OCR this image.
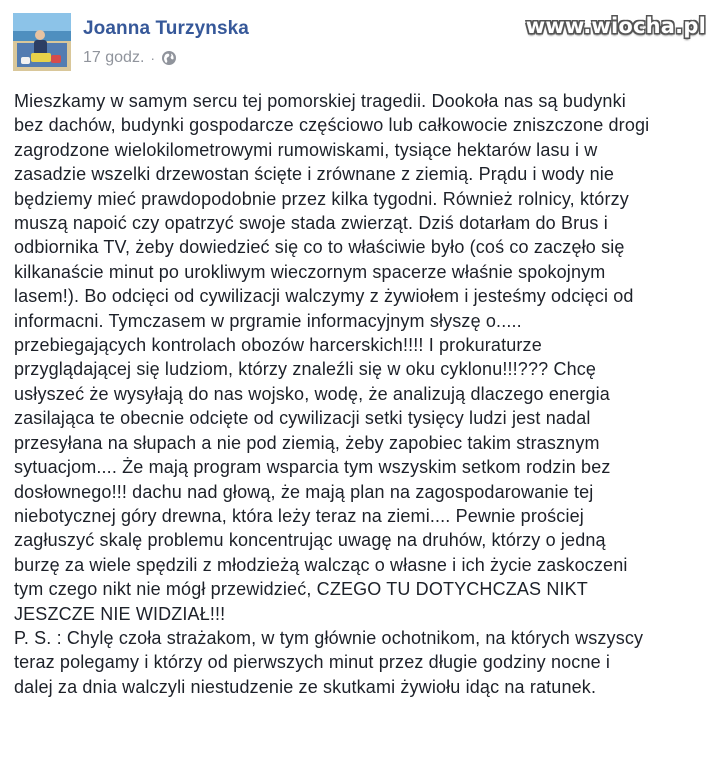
Joanna Turzynska
17 godz. ·
www.wiocha.pl
Mieszkamy w samym sercu tej pomorskiej tragedii. Dookoła nas są budynki
bez dachów, budynki gospodarcze częściowo lub całkowocie zniszczone drogi
zagrodzone wielokilometrowymi rumowiskami, tysiące hektarów lasu i w
zasadzie wszelki drzewostan ścięte i zrównane z ziemią. Prądu i wody nie
będziemy mieć prawdopodobnie przez kilka tygodni. Również rolnicy, którzy
muszą napoić czy opatrzyć swoje stada zwierząt. Dziś dotarłam do Brus i
odbiornika TV, żeby dowiedzieć się co to właściwie było (coś co zaczęło się
kilkanaście minut po urokliwym wieczornym spacerze właśnie spokojnym
lasem!). Bo odcięci od cywilizacji walczymy z żywiołem i jesteśmy odcięci od
informacni. Tymczasem w prgramie informacyjnym słyszę o.....
przebiegających kontrolach obozów harcerskich!!!! I prokuraturze
przyglądającej się ludziom, którzy znaleźli się w oku cyklonu!!!??? Chcę
usłyszeć że wysyłają do nas wojsko, wodę, że analizują dlaczego energia
zasilająca te obecnie odcięte od cywilizacji setki tysięcy ludzi jest nadal
przesyłana na słupach a nie pod ziemią, żeby zapobiec takim strasznym
sytuacjom.... Że mają program wsparcia tym wszyskim setkom rodzin bez
dosłownego!!! dachu nad głową, że mają plan na zagospodarowanie tej
niebotycznej góry drewna, która leży teraz na ziemi.... Pewnie prościej
zagłuszyć skalę problemu koncentrując uwagę na druhów, którzy o jedną
burzę za wiele spędzili z młodzieżą walcząc o własne i ich życie zaskoczeni
tym czego nikt nie mógł przewidzieć, CZEGO TU DOTYCHCZAS NIKT
JESZCZE NIE WIDZIAŁ!!!
P. S. : Chylę czoła strażakom, w tym głównie ochotnikom, na których wszyscy
teraz polegamy i którzy od pierwszych minut przez długie godziny nocne i
dalej za dnia walczyli niestudzenie ze skutkami żywiołu idąc na ratunek.
